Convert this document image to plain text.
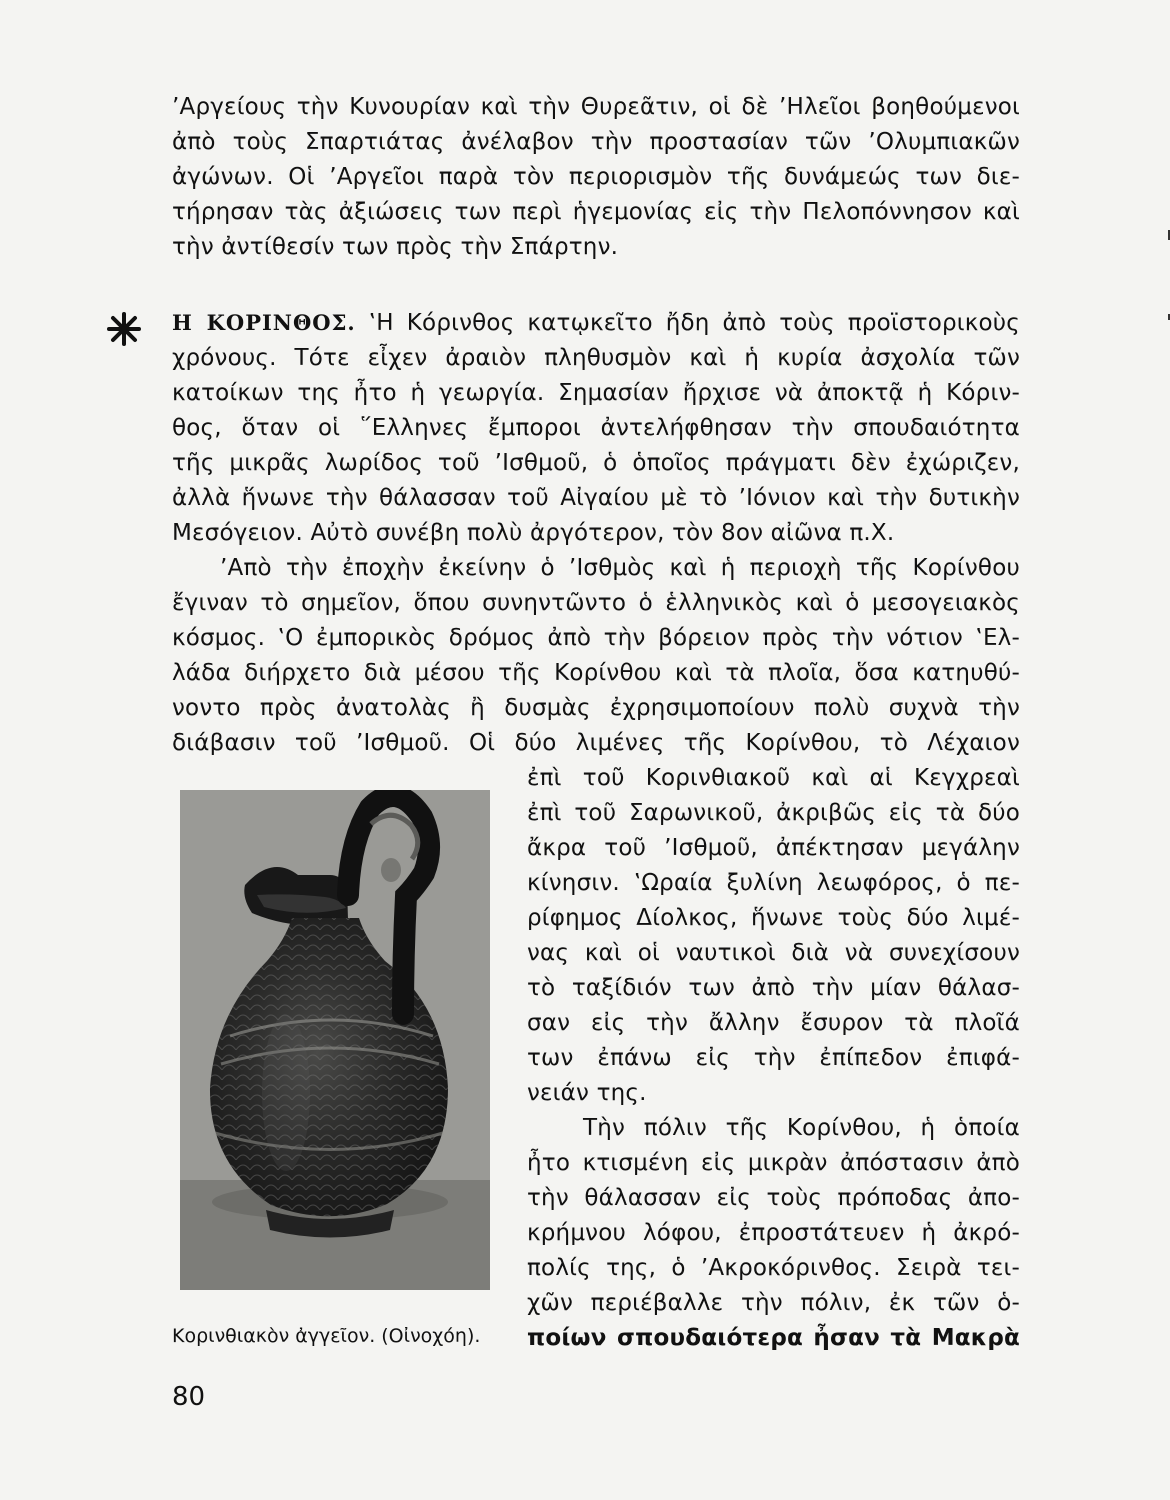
’Αργείους τὴν Κυνουρίαν καὶ τὴν Θυρεᾶτιν, οἱ δὲ ’Ηλεῖοι βοηθούμενοι
ἀπὸ τοὺς Σπαρτιάτας ἀνέλαβον τὴν προστασίαν τῶν ’Ολυμπιακῶν
ἀγώνων. Οἱ ’Αργεῖοι παρὰ τὸν περιορισμὸν τῆς δυνάμεώς των διε-
τήρησαν τὰς ἀξιώσεις των περὶ ἡγεμονίας εἰς τὴν Πελοπόννησον καὶ
τὴν ἀντίθεσίν των πρὸς τὴν Σπάρτην.
Η ΚΟΡΙΝΘΟΣ. ‛Η Κόρινθος κατῳκεῖτο ἤδη ἀπὸ τοὺς προϊστορικοὺς
χρόνους. Τότε εἶχεν ἀραιὸν πληθυσμὸν καὶ ἡ κυρία ἀσχολία τῶν
κατοίκων της ἦτο ἡ γεωργία. Σημασίαν ἤρχισε νὰ ἀποκτᾷ ἡ Κόριν-
θος, ὅταν οἱ ῞Ελληνες ἔμποροι ἀντελήφθησαν τὴν σπουδαιότητα
τῆς μικρᾶς λωρίδος τοῦ ’Ισθμοῦ, ὁ ὁποῖος πράγματι δὲν ἐχώριζεν,
ἀλλὰ ἥνωνε τὴν θάλασσαν τοῦ Αἰγαίου μὲ τὸ ’Ιόνιον καὶ τὴν δυτικὴν
Μεσόγειον. Αὐτὸ συνέβη πολὺ ἀργότερον, τὸν 8ον αἰῶνα π.Χ.
’Απὸ τὴν ἐποχὴν ἐκείνην ὁ ’Ισθμὸς καὶ ἡ περιοχὴ τῆς Κορίνθου
ἔγιναν τὸ σημεῖον, ὅπου συνηντῶντο ὁ ἑλληνικὸς καὶ ὁ μεσογειακὸς
κόσμος. ‛Ο ἐμπορικὸς δρόμος ἀπὸ τὴν βόρειον πρὸς τὴν νότιον ‛Ελ-
λάδα διήρχετο διὰ μέσου τῆς Κορίνθου καὶ τὰ πλοῖα, ὅσα κατηυθύ-
νοντο πρὸς ἀνατολὰς ἢ δυσμὰς ἐχρησιμοποίουν πολὺ συχνὰ τὴν
διάβασιν τοῦ ’Ισθμοῦ. Οἱ δύο λιμένες τῆς Κορίνθου, τὸ Λέχαιον
ἐπὶ τοῦ Κορινθιακοῦ καὶ αἱ Κεγχρεαὶ
ἐπὶ τοῦ Σαρωνικοῦ, ἀκριβῶς εἰς τὰ δύο
ἄκρα τοῦ ’Ισθμοῦ, ἀπέκτησαν μεγάλην
κίνησιν. ‛Ωραία ξυλίνη λεωφόρος, ὁ πε-
ρίφημος Δίολκος, ἥνωνε τοὺς δύο λιμέ-
νας καὶ οἱ ναυτικοὶ διὰ νὰ συνεχίσουν
τὸ ταξίδιόν των ἀπὸ τὴν μίαν θάλασ-
σαν εἰς τὴν ἄλλην ἔσυρον τὰ πλοῖά
των ἐπάνω εἰς τὴν ἐπίπεδον ἐπιφά-
νειάν της.
Τὴν πόλιν τῆς Κορίνθου, ἡ ὁποία
ἦτο κτισμένη εἰς μικρὰν ἀπόστασιν ἀπὸ
τὴν θάλασσαν εἰς τοὺς πρόποδας ἀπο-
κρήμνου λόφου, ἐπροστάτευεν ἡ ἀκρό-
πολίς της, ὁ ’Ακροκόρινθος. Σειρὰ τει-
χῶν περιέβαλλε τὴν πόλιν, ἐκ τῶν ὁ-
ποίων σπουδαιότερα ἦσαν τὰ Μακρὰ
Κορινθιακὸν ἀγγεῖον. (Οἰνοχόη).
80
